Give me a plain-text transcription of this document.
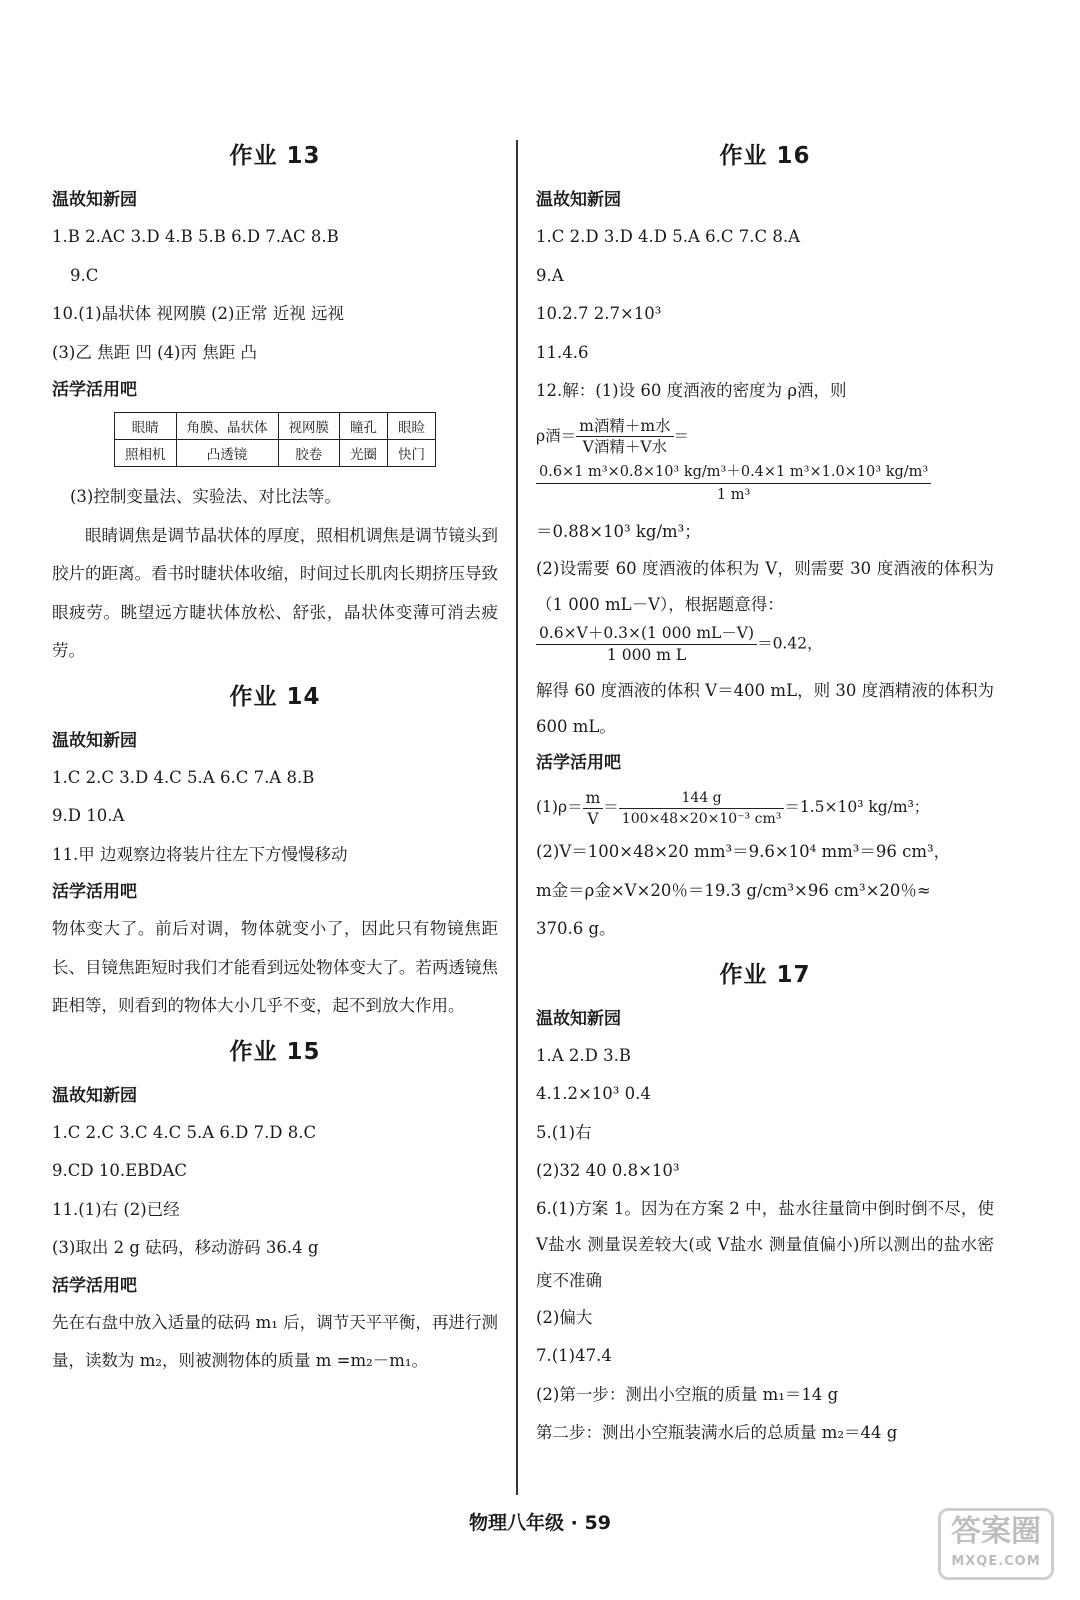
作业 13
温故知新园
1.B 2.AC 3.D 4.B 5.B 6.D 7.AC 8.B
9.C
10.(1)晶状体 视网膜 (2)正常 近视 远视
(3)乙 焦距 凹 (4)丙 焦距 凸
活学活用吧
眼睛	角膜、晶状体	视网膜	瞳孔	眼睑
照相机	凸透镜	胶卷	光圈	快门
(3)控制变量法、实验法、对比法等。
眼睛调焦是调节晶状体的厚度，照相机调焦是调节镜头到胶片的距离。看书时睫状体收缩，时间过长肌肉长期挤压导致眼疲劳。眺望远方睫状体放松、舒张，晶状体变薄可消去疲劳。
作业 14
温故知新园
1.C 2.C 3.D 4.C 5.A 6.C 7.A 8.B
9.D 10.A
11.甲 边观察边将装片往左下方慢慢移动
活学活用吧
物体变大了。前后对调，物体就变小了，因此只有物镜焦距长、目镜焦距短时我们才能看到远处物体变大了。若两透镜焦距相等，则看到的物体大小几乎不变，起不到放大作用。
作业 15
温故知新园
1.C 2.C 3.C 4.C 5.A 6.D 7.D 8.C
9.CD 10.EBDAC
11.(1)右 (2)已经
(3)取出 2 g 砝码，移动游码 36.4 g
活学活用吧
先在右盘中放入适量的砝码 m₁ 后，调节天平平衡，再进行测量，读数为 m₂，则被测物体的质量 m =m₂－m₁。
作业 16
温故知新园
1.C 2.D 3.D 4.D 5.A 6.C 7.C 8.A
9.A
10.2.7 2.7×10³
11.4.6
12.解：(1)设 60 度酒液的密度为 ρ酒，则
ρ酒＝ $\frac{\text{m酒精＋m水}}{\text{V酒精＋V水}}$ ＝
$\frac{\text{0.6×1 m³×0.8×10³ kg/m³＋0.4×1 m³×1.0×10³ kg/m³}}{\text{1 m³}}$
＝0.88×10³ kg/m³；
(2)设需要 60 度酒液的体积为 V，则需要 30 度酒液的体积为（1 000 mL－V），根据题意得：
$\frac{0.6\times V+0.3\times(1 000 mL-V)}{\text{1 000 m L}} =0.42$，
解得 60 度酒液的体积 V＝400 mL，则 30 度酒精液的体积为 600 mL。
活学活用吧
$(1)\rho= \frac{m}{V} = \frac{144 g}{\text{100×48×20×10⁻³ cm³}} =1.5\times 10^3$ kg/m³；
(2)V＝100×48×20 mm³＝9.6×10⁴ mm³＝96 cm³，
m金＝ρ金×V×20％＝19.3 g/cm³×96 cm³×20％≈
370.6 g。
作业 17
温故知新园
1.A 2.D 3.B
4.1.2×10³ 0.4
5.(1)右
(2)32 40 0.8×10³
6.(1)方案 1。因为在方案 2 中，盐水往量筒中倒时倒不尽，使 V盐水 测量误差较大(或 V盐水 测量值偏小)所以测出的盐水密度不准确
(2)偏大
7.(1)47.4
(2)第一步：测出小空瓶的质量 m₁＝14 g
第二步：测出小空瓶装满水后的总质量 m₂＝44 g
物理八年级 · 59	答案圈
MXQE.COM
